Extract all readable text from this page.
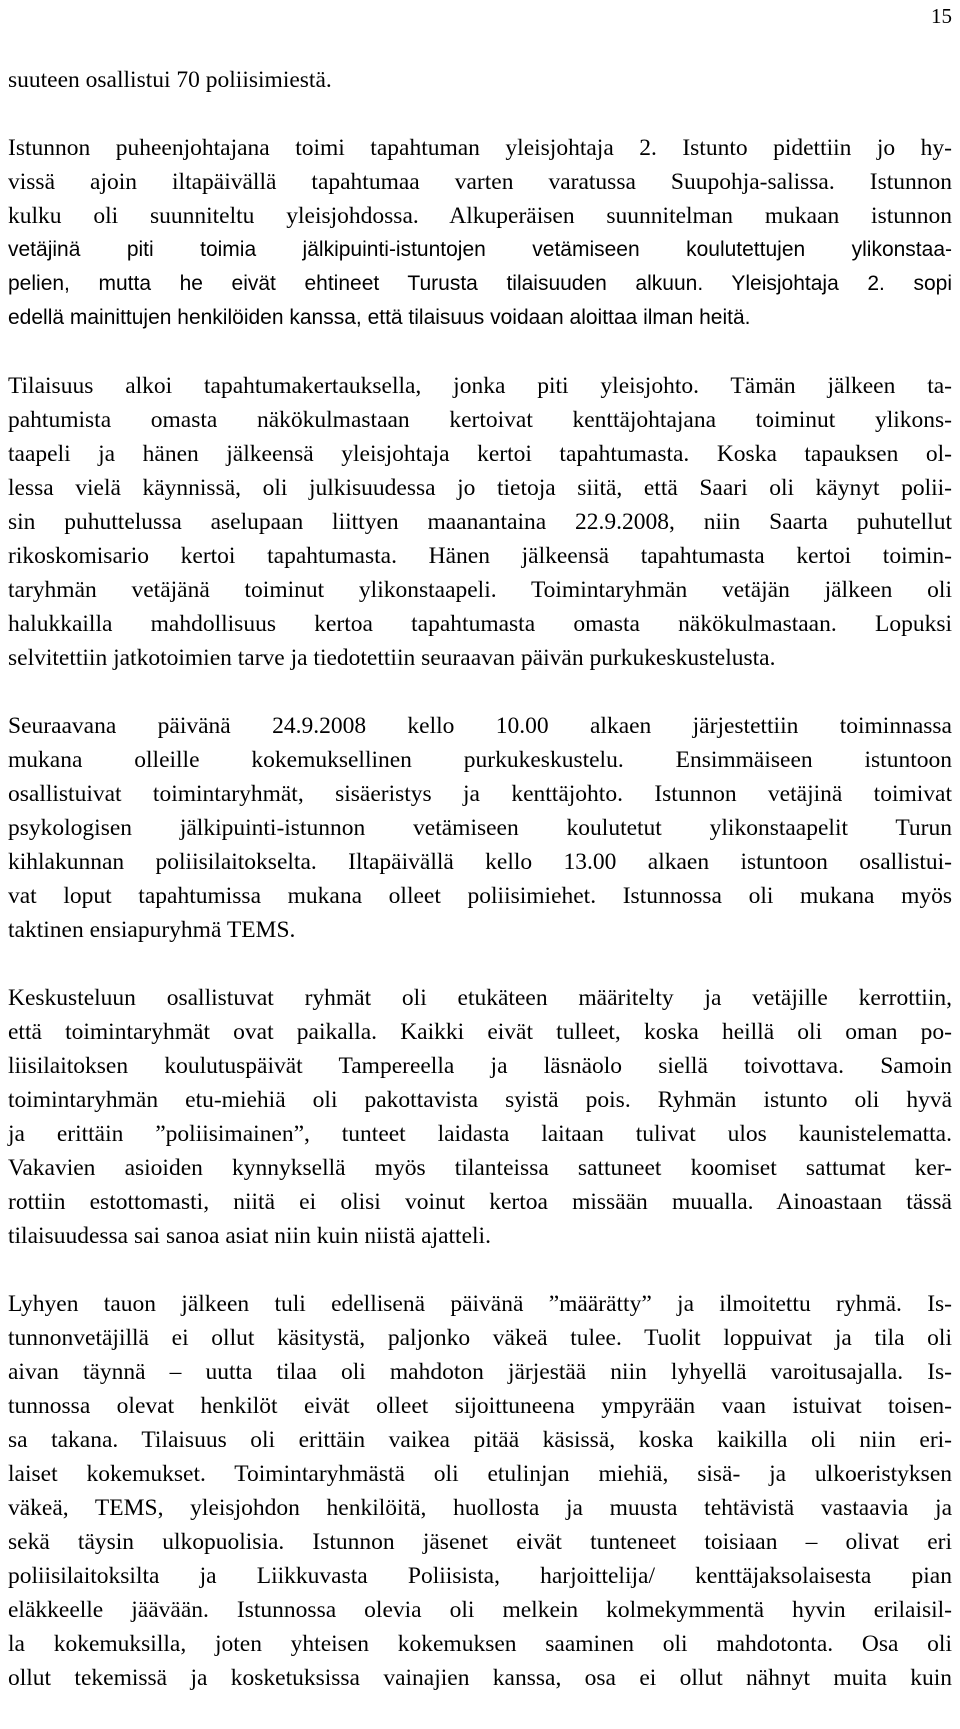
15
suuteen osallistui 70 poliisimiestä.
Istunnon puheenjohtajana toimi tapahtuman yleisjohtaja 2. Istunto pidettiin jo hy-
vissä ajoin iltapäivällä tapahtumaa varten varatussa Suupohja-salissa. Istunnon
kulku oli suunniteltu yleisjohdossa. Alkuperäisen suunnitelman mukaan istunnon
vetäjinä piti toimia jälkipuinti-istuntojen vetämiseen koulutettujen ylikonstaa-
pelien, mutta he eivät ehtineet Turusta tilaisuuden alkuun. Yleisjohtaja 2. sopi
edellä mainittujen henkilöiden kanssa, että tilaisuus voidaan aloittaa ilman heitä.
Tilaisuus alkoi tapahtumakertauksella, jonka piti yleisjohto. Tämän jälkeen ta-
pahtumista omasta näkökulmastaan kertoivat kenttäjohtajana toiminut ylikons-
taapeli ja hänen jälkeensä yleisjohtaja kertoi tapahtumasta. Koska tapauksen ol-
lessa vielä käynnissä, oli julkisuudessa jo tietoja siitä, että Saari oli käynyt polii-
sin puhuttelussa aselupaan liittyen maanantaina 22.9.2008, niin Saarta puhutellut
rikoskomisario kertoi tapahtumasta. Hänen jälkeensä tapahtumasta kertoi toimin-
taryhmän vetäjänä toiminut ylikonstaapeli. Toimintaryhmän vetäjän jälkeen oli
halukkailla mahdollisuus kertoa tapahtumasta omasta näkökulmastaan. Lopuksi
selvitettiin jatkotoimien tarve ja tiedotettiin seuraavan päivän purkukeskustelusta.
Seuraavana päivänä 24.9.2008 kello 10.00 alkaen järjestettiin toiminnassa
mukana olleille kokemuksellinen purkukeskustelu. Ensimmäiseen istuntoon
osallistuivat toimintaryhmät, sisäeristys ja kenttäjohto. Istunnon vetäjinä toimivat
psykologisen jälkipuinti-istunnon vetämiseen koulutetut ylikonstaapelit Turun
kihlakunnan poliisilaitokselta. Iltapäivällä kello 13.00 alkaen istuntoon osallistui-
vat loput tapahtumissa mukana olleet poliisimiehet. Istunnossa oli mukana myös
taktinen ensiapuryhmä TEMS.
Keskusteluun osallistuvat ryhmät oli etukäteen määritelty ja vetäjille kerrottiin,
että toimintaryhmät ovat paikalla. Kaikki eivät tulleet, koska heillä oli oman po-
liisilaitoksen koulutuspäivät Tampereella ja läsnäolo siellä toivottava. Samoin
toimintaryhmän etu-miehiä oli pakottavista syistä pois. Ryhmän istunto oli hyvä
ja erittäin ”poliisimainen”, tunteet laidasta laitaan tulivat ulos kaunistelematta.
Vakavien asioiden kynnyksellä myös tilanteissa sattuneet koomiset sattumat ker-
rottiin estottomasti, niitä ei olisi voinut kertoa missään muualla. Ainoastaan tässä
tilaisuudessa sai sanoa asiat niin kuin niistä ajatteli.
Lyhyen tauon jälkeen tuli edellisenä päivänä ”määrätty” ja ilmoitettu ryhmä. Is-
tunnonvetäjillä ei ollut käsitystä, paljonko väkeä tulee. Tuolit loppuivat ja tila oli
aivan täynnä – uutta tilaa oli mahdoton järjestää niin lyhyellä varoitusajalla. Is-
tunnossa olevat henkilöt eivät olleet sijoittuneena ympyrään vaan istuivat toisen-
sa takana. Tilaisuus oli erittäin vaikea pitää käsissä, koska kaikilla oli niin eri-
laiset kokemukset. Toimintaryhmästä oli etulinjan miehiä, sisä- ja ulkoeristyksen
väkeä, TEMS, yleisjohdon henkilöitä, huollosta ja muusta tehtävistä vastaavia ja
sekä täysin ulkopuolisia. Istunnon jäsenet eivät tunteneet toisiaan – olivat eri
poliisilaitoksilta ja Liikkuvasta Poliisista, harjoittelija/ kenttäjaksolaisesta pian
eläkkeelle jäävään. Istunnossa olevia oli melkein kolmekymmentä hyvin erilaisil-
la kokemuksilla, joten yhteisen kokemuksen saaminen oli mahdotonta. Osa oli
ollut tekemissä ja kosketuksissa vainajien kanssa, osa ei ollut nähnyt muita kuin
